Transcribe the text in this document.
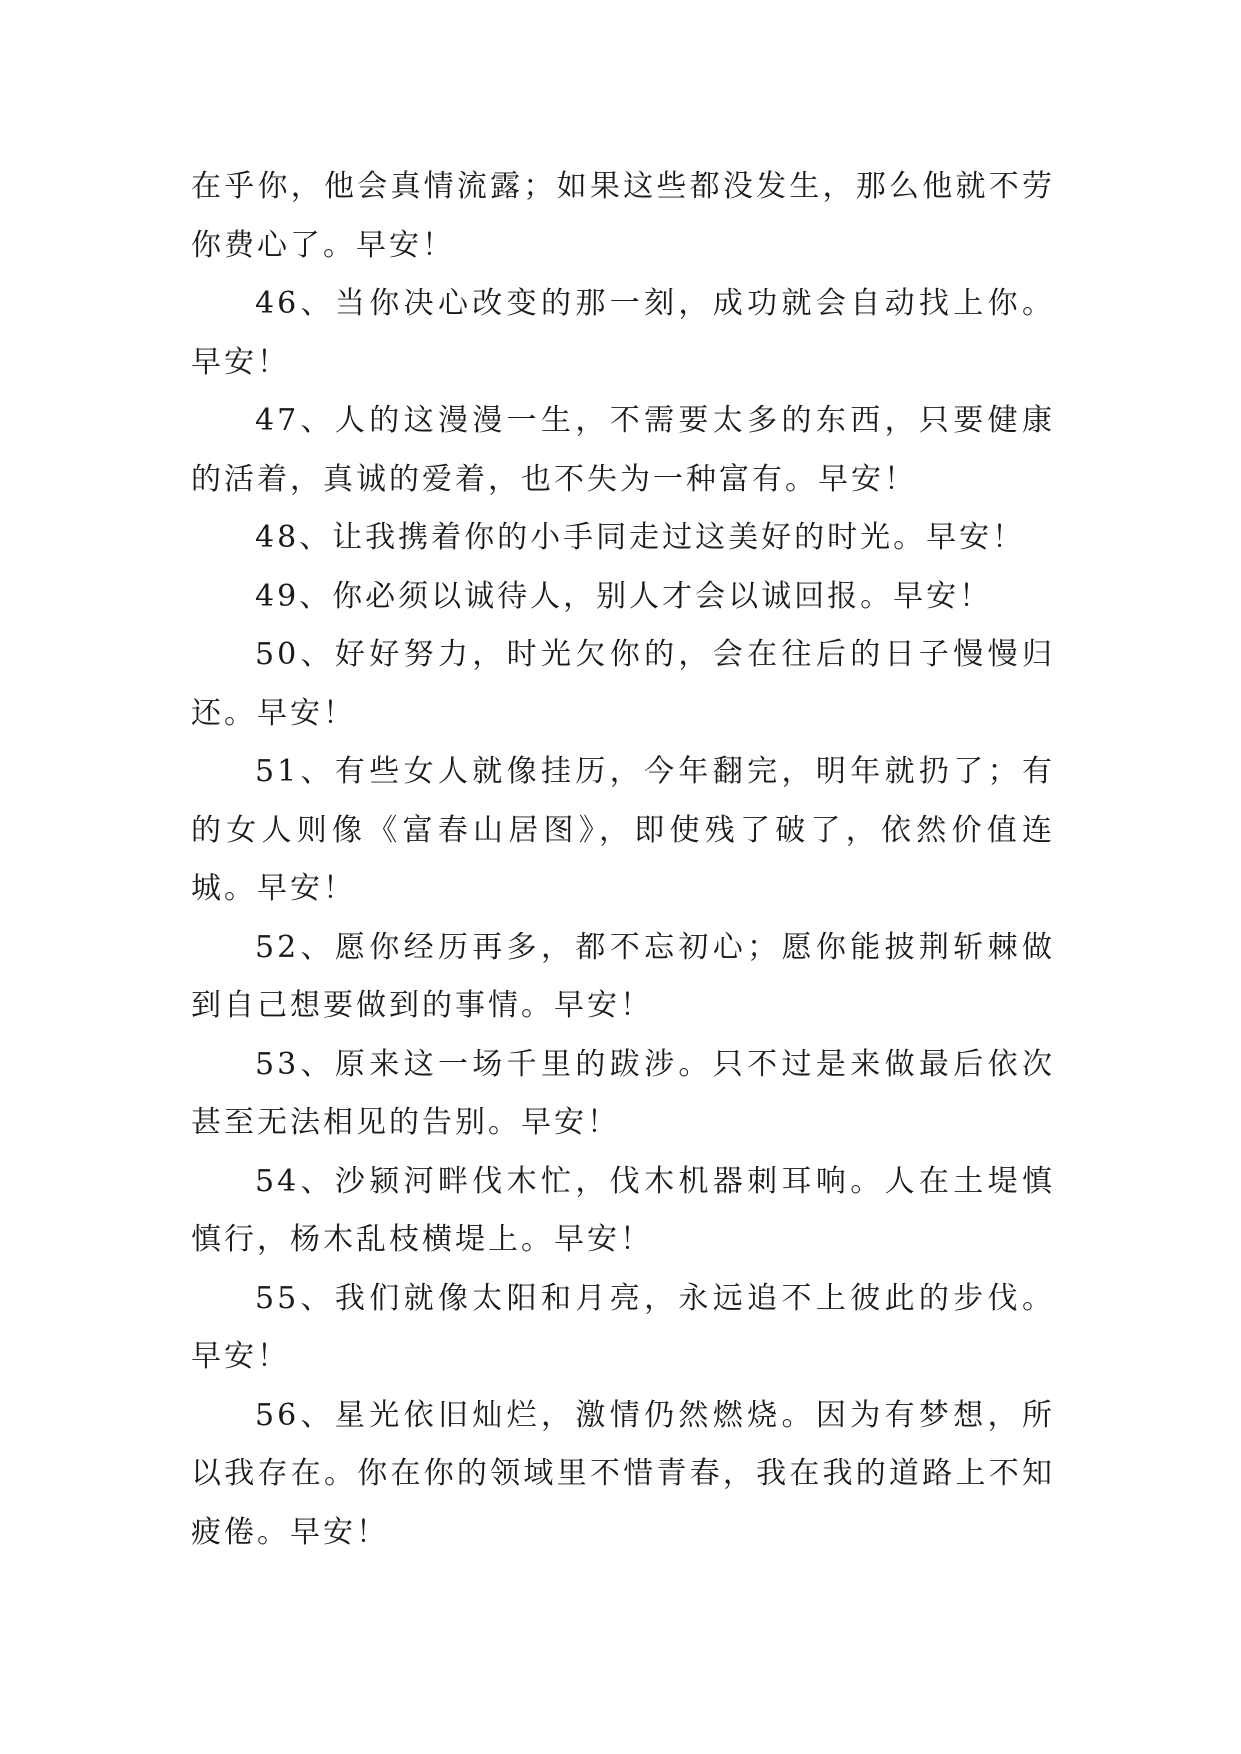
在乎你，他会真情流露；如果这些都没发生，那么他就不劳你费心了。早安！

46、当你决心改变的那一刻，成功就会自动找上你。早安！

47、人的这漫漫一生，不需要太多的东西，只要健康的活着，真诚的爱着，也不失为一种富有。早安！

48、让我携着你的小手同走过这美好的时光。早安！

49、你必须以诚待人，别人才会以诚回报。早安！

50、好好努力，时光欠你的，会在往后的日子慢慢归还。早安！

51、有些女人就像挂历，今年翻完，明年就扔了；有的女人则像《富春山居图》，即使残了破了，依然价值连城。早安！

52、愿你经历再多，都不忘初心；愿你能披荆斩棘做到自己想要做到的事情。早安！

53、原来这一场千里的跋涉。只不过是来做最后依次甚至无法相见的告别。早安！

54、沙颍河畔伐木忙，伐木机器刺耳响。人在土堤慎慎行，杨木乱枝横堤上。早安！

55、我们就像太阳和月亮，永远追不上彼此的步伐。早安！

56、星光依旧灿烂，激情仍然燃烧。因为有梦想，所以我存在。你在你的领域里不惜青春，我在我的道路上不知疲倦。早安！
